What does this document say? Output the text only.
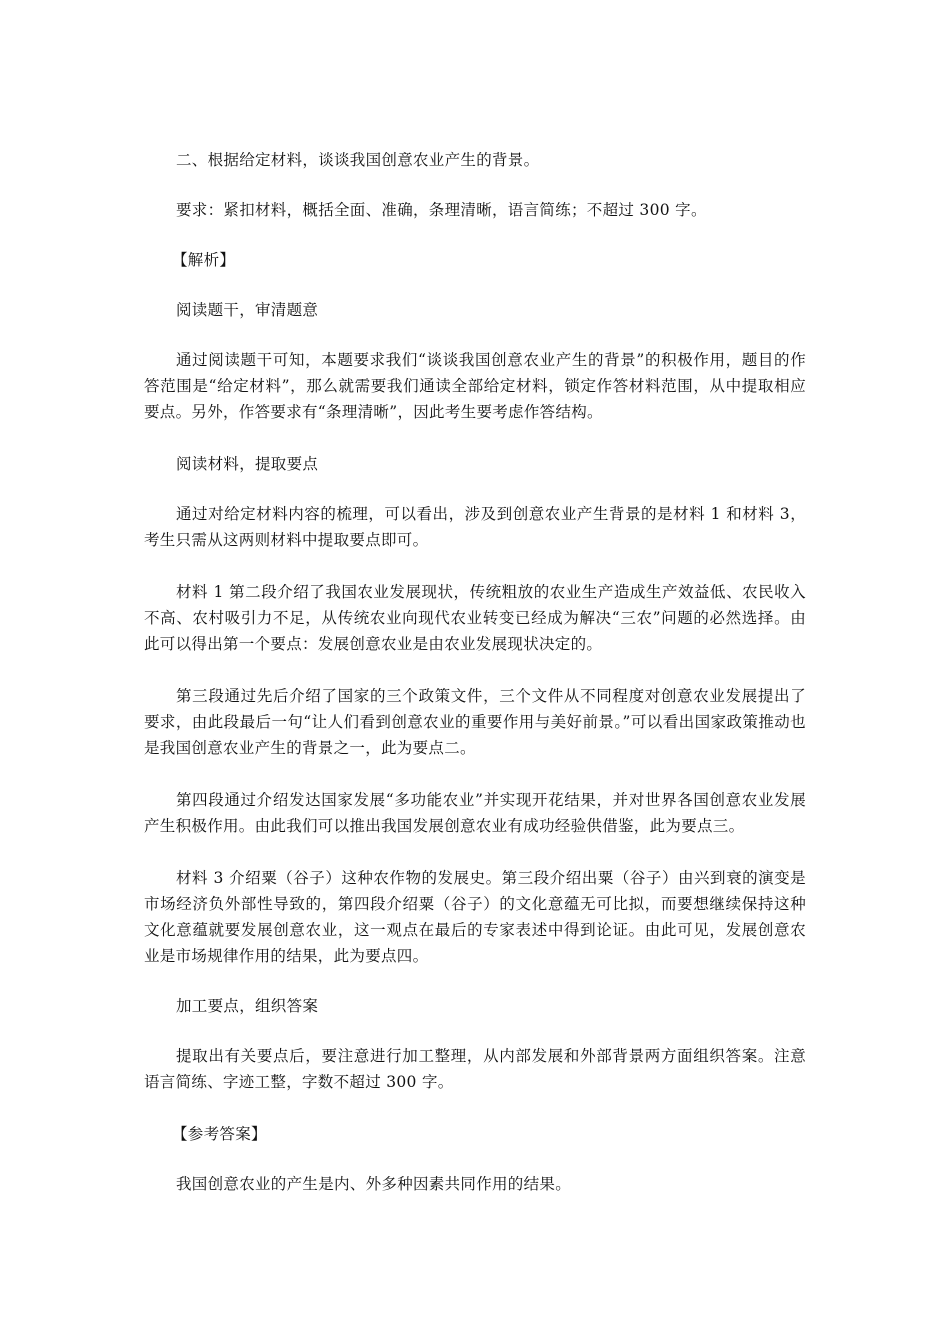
二、根据给定材料，谈谈我国创意农业产生的背景。

要求：紧扣材料，概括全面、准确，条理清晰，语言简练；不超过 300 字。

【解析】

阅读题干，审清题意

通过阅读题干可知，本题要求我们“谈谈我国创意农业产生的背景”的积极作用，题目的作答范围是“给定材料”，那么就需要我们通读全部给定材料，锁定作答材料范围，从中提取相应要点。另外，作答要求有“条理清晰”，因此考生要考虑作答结构。

阅读材料，提取要点

通过对给定材料内容的梳理，可以看出，涉及到创意农业产生背景的是材料 1 和材料 3，考生只需从这两则材料中提取要点即可。

材料 1 第二段介绍了我国农业发展现状，传统粗放的农业生产造成生产效益低、农民收入不高、农村吸引力不足，从传统农业向现代农业转变已经成为解决“三农”问题的必然选择。由此可以得出第一个要点：发展创意农业是由农业发展现状决定的。

第三段通过先后介绍了国家的三个政策文件，三个文件从不同程度对创意农业发展提出了要求，由此段最后一句“让人们看到创意农业的重要作用与美好前景。”可以看出国家政策推动也是我国创意农业产生的背景之一，此为要点二。

第四段通过介绍发达国家发展“多功能农业”并实现开花结果，并对世界各国创意农业发展产生积极作用。由此我们可以推出我国发展创意农业有成功经验供借鉴，此为要点三。

材料 3 介绍粟（谷子）这种农作物的发展史。第三段介绍出粟（谷子）由兴到衰的演变是市场经济负外部性导致的，第四段介绍粟（谷子）的文化意蕴无可比拟，而要想继续保持这种文化意蕴就要发展创意农业，这一观点在最后的专家表述中得到论证。由此可见，发展创意农业是市场规律作用的结果，此为要点四。

加工要点，组织答案

提取出有关要点后，要注意进行加工整理，从内部发展和外部背景两方面组织答案。注意语言简练、字迹工整，字数不超过 300 字。

【参考答案】

我国创意农业的产生是内、外多种因素共同作用的结果。
